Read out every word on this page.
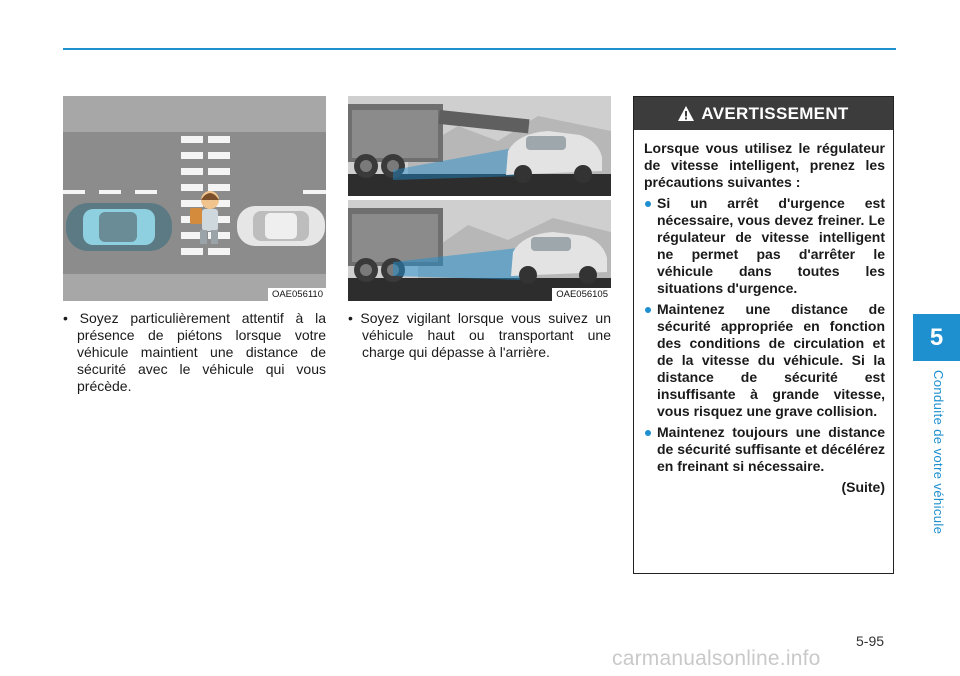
5
Conduite de votre véhicule
OAE056110	OAE056105

• Soyez particulièrement attentif à la présence de piétons lorsque votre véhicule maintient une distance de sécurité avec le véhicule qui vous précède.

• Soyez vigilant lorsque vous suivez un véhicule haut ou transportant une charge qui dépasse à l'arrière.

AVERTISSEMENT

Lorsque vous utilisez le régulateur de vitesse intelligent, prenez les précautions suivantes :

Si un arrêt d'urgence est nécessaire, vous devez freiner. Le régulateur de vitesse intelligent ne permet pas d'arrêter le véhicule dans toutes les situations d'urgence.
Maintenez une distance de sécurité appropriée en fonction des conditions de circulation et de la vitesse du véhicule. Si la distance de sécurité est insuffisante à grande vitesse, vous risquez une grave collision.
Maintenez toujours une distance de sécurité suffisante et décélérez en freinant si nécessaire.
(Suite)
5-95
carmanualsonline.info
